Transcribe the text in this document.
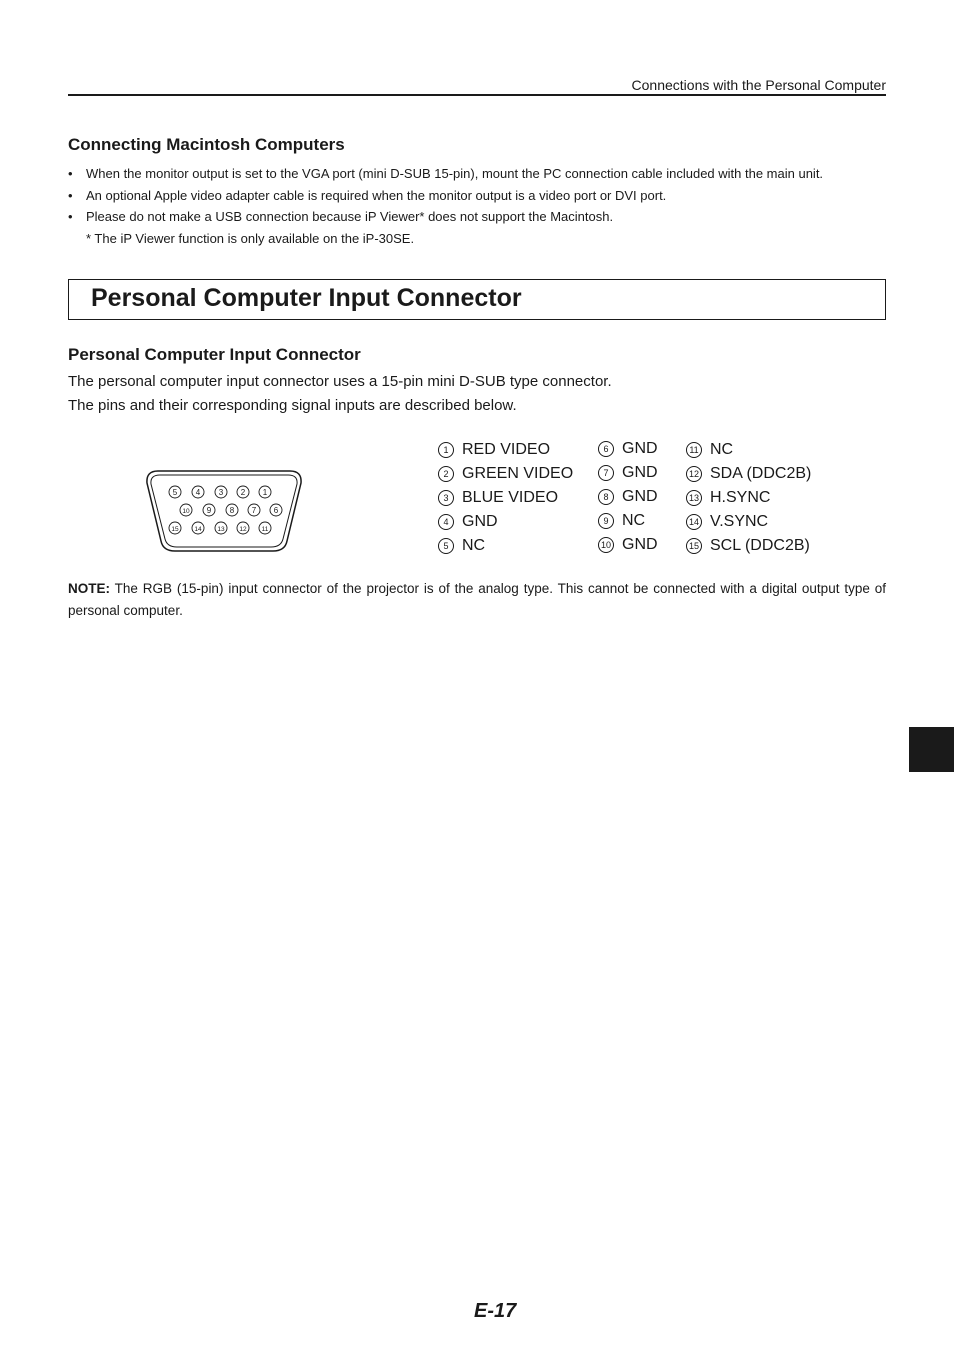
Connections with the Personal Computer
Connecting Macintosh Computers
• When the monitor output is set to the VGA port (mini D-SUB 15-pin), mount the PC connection cable included with the main unit.
• An optional Apple video adapter cable is required when the monitor output is a video port or DVI port.
• Please do not make a USB connection because iP Viewer* does not support the Macintosh.
* The iP Viewer function is only available on the iP-30SE.
Personal Computer Input Connector
Personal Computer Input Connector
The personal computer input connector uses a 15-pin mini D-SUB type connector.
The pins and their corresponding signal inputs are described below.
5 4 3 2 1
10 9 8 7 6
15 14 13 12 11
1 RED VIDEO
2 GREEN VIDEO
3 BLUE VIDEO
4 GND
5 NC
6 GND
7 GND
8 GND
9 NC
10 GND
11 NC
12 SDA (DDC2B)
13 H.SYNC
14 V.SYNC
15 SCL (DDC2B)
NOTE: The RGB (15-pin) input connector of the projector is of the analog type. This cannot be connected with a digital output type of personal computer.
E-17
